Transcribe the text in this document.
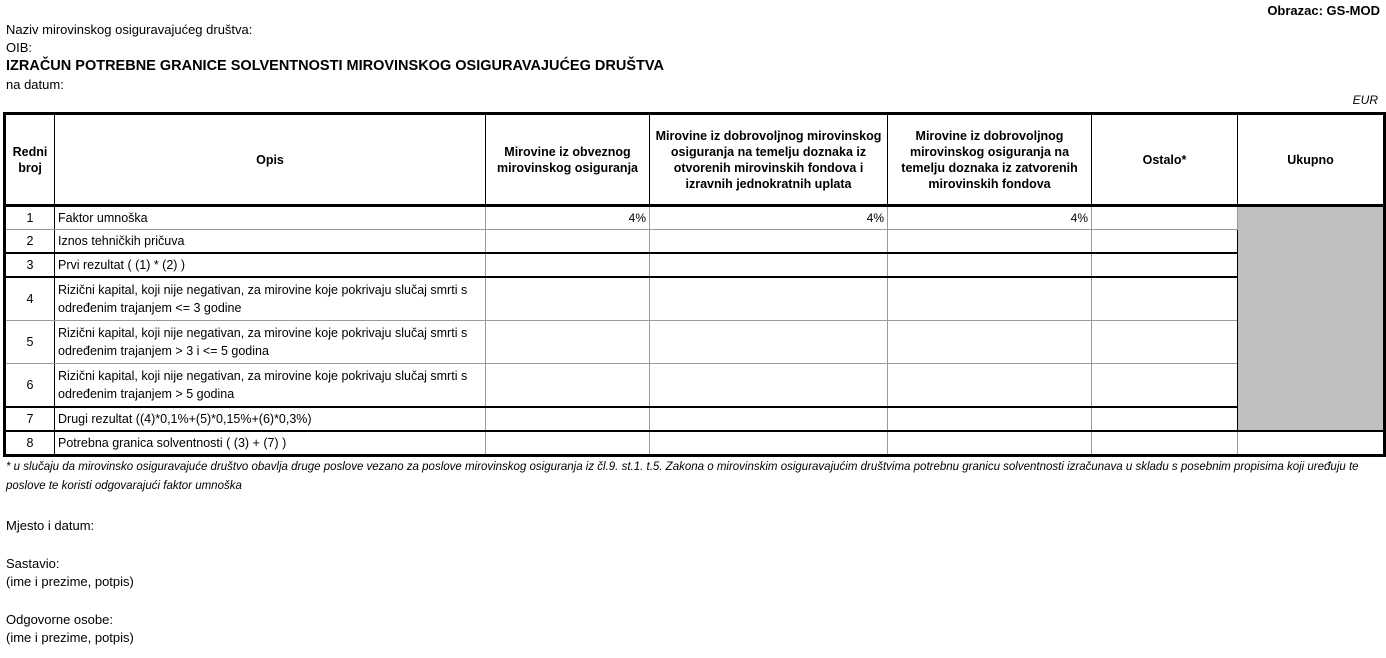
Obrazac: GS-MOD
Naziv mirovinskog osiguravajućeg društva:
OIB:
IZRAČUN POTREBNE GRANICE SOLVENTNOSTI MIROVINSKOG OSIGURAVAJUĆEG DRUŠTVA
na datum:
EUR
Redni broj	Opis	Mirovine iz obveznog mirovinskog osiguranja	Mirovine iz dobrovoljnog mirovinskog osiguranja na temelju doznaka iz otvorenih mirovinskih fondova i izravnih jednokratnih uplata	Mirovine iz dobrovoljnog mirovinskog osiguranja na temelju doznaka iz zatvorenih mirovinskih fondova	Ostalo*	Ukupno
1	Faktor umnoška	4%	4%	4%		
2	Iznos tehničkih pričuva					
3	Prvi rezultat ( (1) * (2) )					
4	Rizični kapital, koji nije negativan, za mirovine koje pokrivaju slučaj smrti s određenim trajanjem <= 3 godine					
5	Rizični kapital, koji nije negativan, za mirovine koje pokrivaju slučaj smrti s određenim trajanjem > 3 i <= 5 godina					
6	Rizični kapital, koji nije negativan, za mirovine koje pokrivaju slučaj smrti s određenim trajanjem > 5 godina					
7	Drugi rezultat ((4)*0,1%+(5)*0,15%+(6)*0,3%)					
8	Potrebna granica solventnosti ( (3) + (7) )					
* u slučaju da mirovinsko osiguravajuće društvo obavlja druge poslove vezano za poslove mirovinskog osiguranja iz čl.9. st.1. t.5. Zakona o mirovinskim osiguravajućim društvima potrebnu granicu solventnosti izračunava u skladu s posebnim propisima koji uređuju te poslove te koristi odgovarajući faktor umnoška
Mjesto i datum:
Sastavio:
(ime i prezime, potpis)
Odgovorne osobe:
(ime i prezime, potpis)
